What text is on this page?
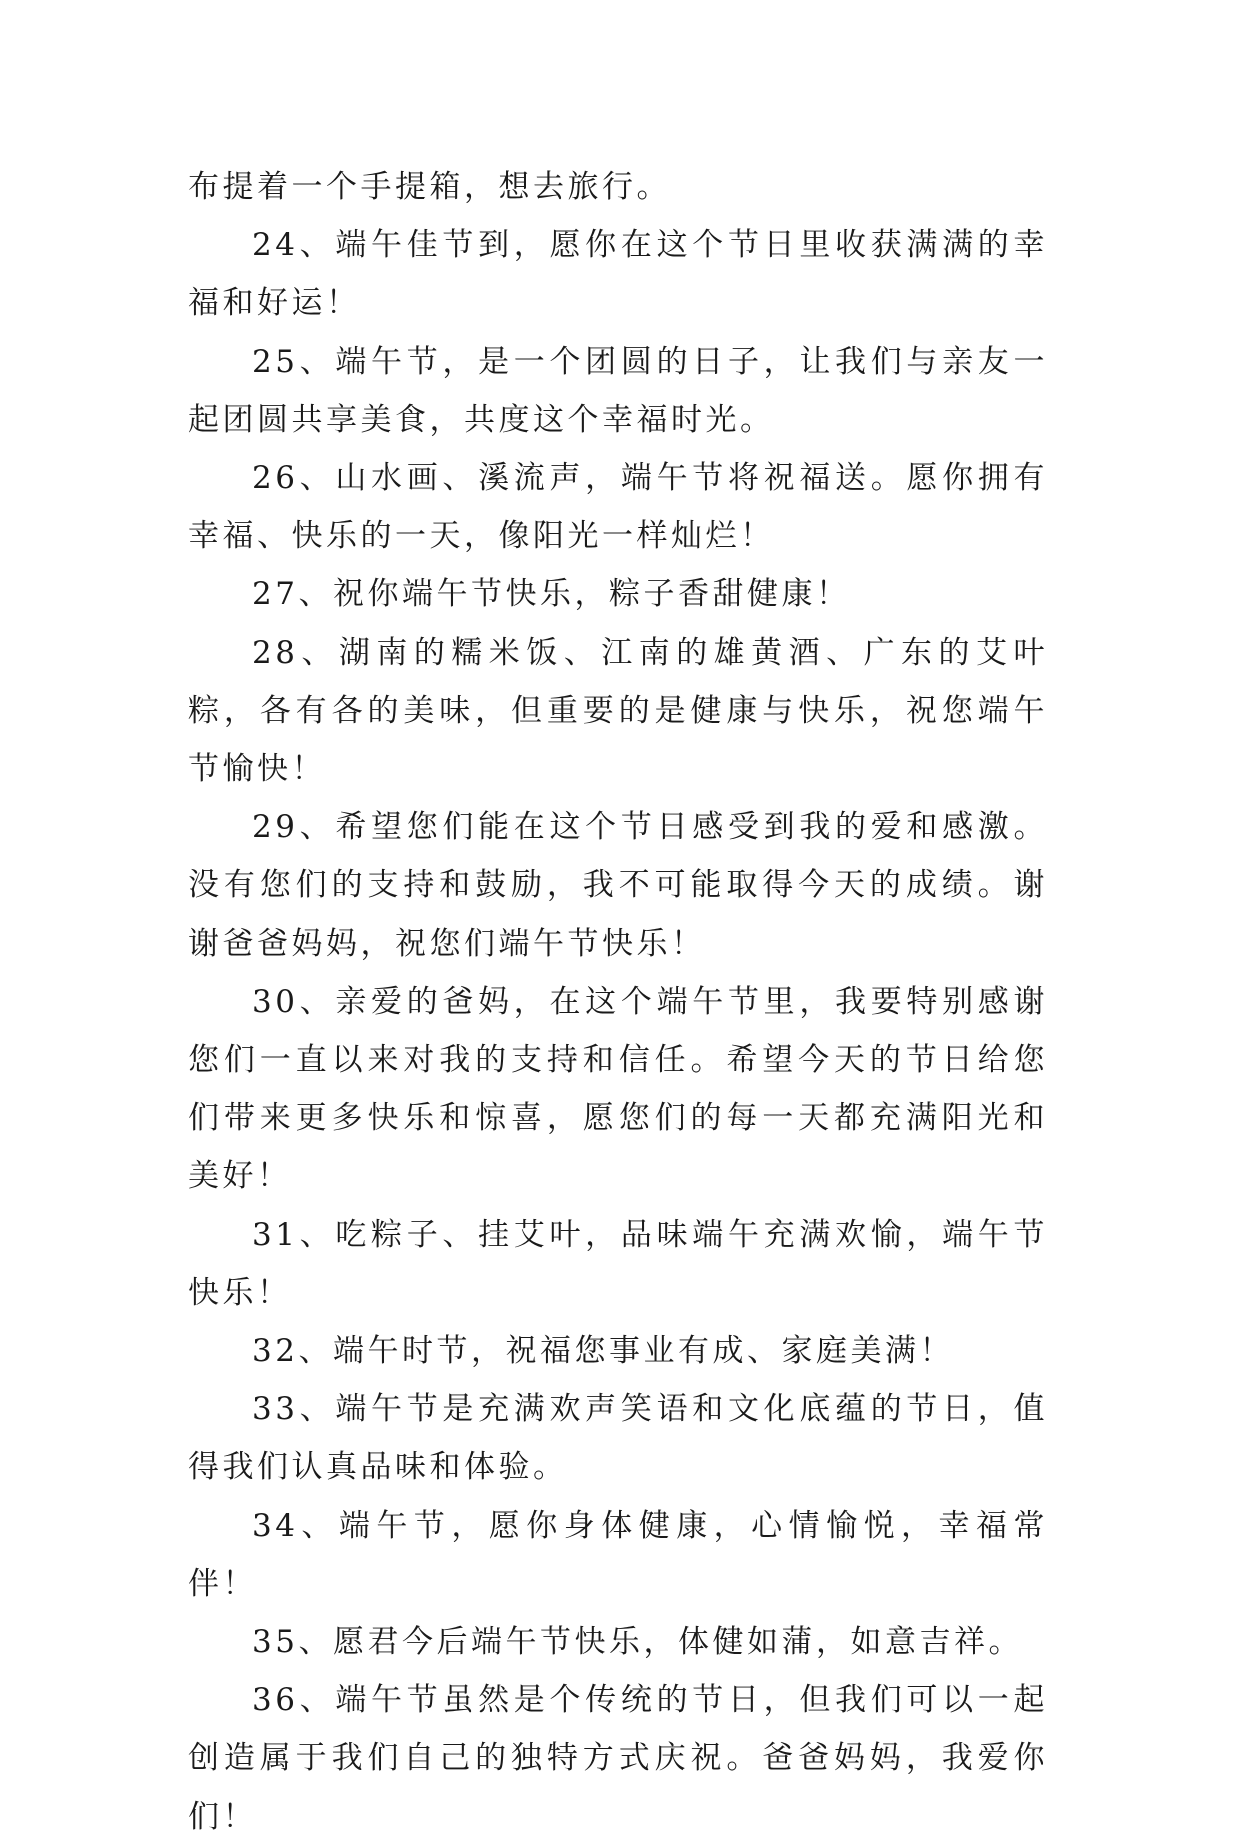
布提着一个手提箱，想去旅行。

24、端午佳节到，愿你在这个节日里收获满满的幸福和好运！

25、端午节，是一个团圆的日子，让我们与亲友一起团圆共享美食，共度这个幸福时光。

26、山水画、溪流声，端午节将祝福送。愿你拥有幸福、快乐的一天，像阳光一样灿烂！

27、祝你端午节快乐，粽子香甜健康！

28、湖南的糯米饭、江南的雄黄酒、广东的艾叶粽，各有各的美味，但重要的是健康与快乐，祝您端午节愉快！

29、希望您们能在这个节日感受到我的爱和感激。没有您们的支持和鼓励，我不可能取得今天的成绩。谢谢爸爸妈妈，祝您们端午节快乐！

30、亲爱的爸妈，在这个端午节里，我要特别感谢您们一直以来对我的支持和信任。希望今天的节日给您们带来更多快乐和惊喜，愿您们的每一天都充满阳光和美好！

31、吃粽子、挂艾叶，品味端午充满欢愉，端午节快乐！

32、端午时节，祝福您事业有成、家庭美满！

33、端午节是充满欢声笑语和文化底蕴的节日，值得我们认真品味和体验。

34、端午节，愿你身体健康，心情愉悦，幸福常伴！

35、愿君今后端午节快乐，体健如蒲，如意吉祥。

36、端午节虽然是个传统的节日，但我们可以一起创造属于我们自己的独特方式庆祝。爸爸妈妈，我爱你们！
